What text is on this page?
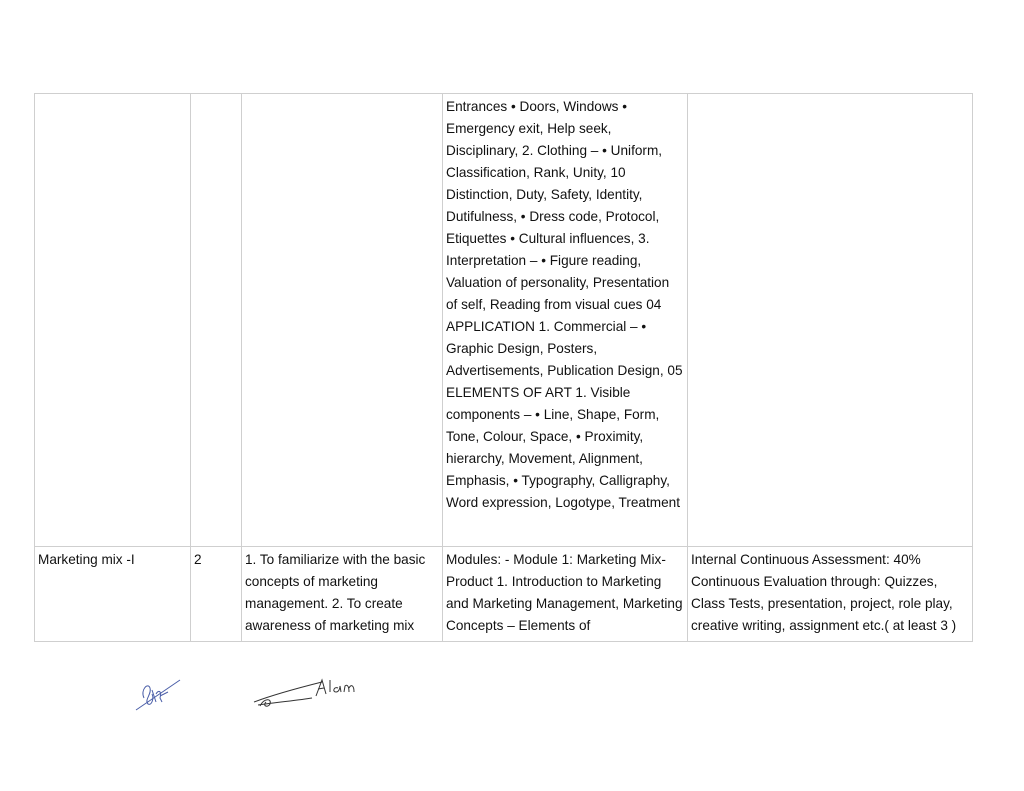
			Entrances • Doors, Windows • Emergency exit, Help seek, Disciplinary, 2. Clothing – • Uniform, Classification, Rank, Unity, 10 Distinction, Duty, Safety, Identity, Dutifulness, • Dress code, Protocol, Etiquettes • Cultural influences, 3. Interpretation – • Figure reading, Valuation of personality, Presentation of self, Reading from visual cues 04 APPLICATION 1. Commercial – • Graphic Design, Posters, Advertisements, Publication Design, 05 ELEMENTS OF ART 1. Visible components – • Line, Shape, Form, Tone, Colour, Space, • Proximity, hierarchy, Movement, Alignment, Emphasis, • Typography, Calligraphy, Word expression, Logotype, Treatment	
Marketing mix -I	2	1. To familiarize with the basic concepts of marketing management. 2. To create awareness of marketing mix	Modules: - Module 1: Marketing Mix-Product 1. Introduction to Marketing and Marketing Management, Marketing Concepts – Elements of	Internal Continuous Assessment: 40% Continuous Evaluation through: Quizzes, Class Tests, presentation, project, role play, creative writing, assignment etc.( at least 3 )
